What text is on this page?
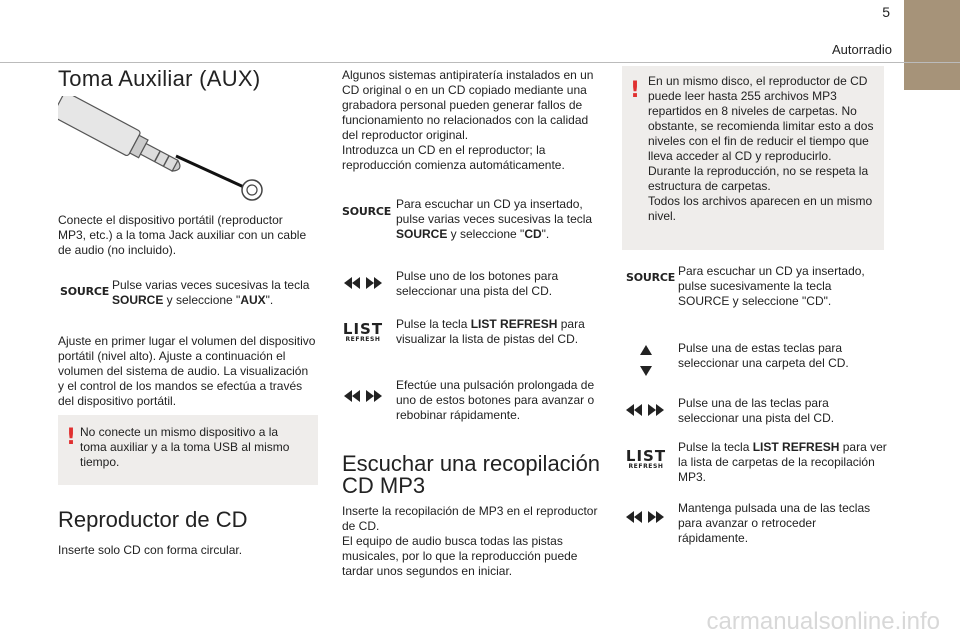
5
Autorradio
Toma Auxiliar (AUX)
Conecte el dispositivo portátil (reproductor MP3, etc.) a la toma Jack auxiliar con un cable de audio (no incluido).
SOURCE Pulse varias veces sucesivas la tecla SOURCE y seleccione "AUX".
Ajuste en primer lugar el volumen del dispositivo portátil (nivel alto). Ajuste a continuación el volumen del sistema de audio. La visualización y el control de los mandos se efectúa a través del dispositivo portátil.
! No conecte un mismo dispositivo a la toma auxiliar y a la toma USB al mismo tiempo.
Reproductor de CD
Inserte solo CD con forma circular.
Algunos sistemas antipiratería instalados en un CD original o en un CD copiado mediante una grabadora personal pueden generar fallos de funcionamiento no relacionados con la calidad del reproductor original.
Introduzca un CD en el reproductor; la reproducción comienza automáticamente.
SOURCE
Para escuchar un CD ya insertado, pulse varias veces sucesivas la tecla SOURCE y seleccione "CD".
Pulse uno de los botones para seleccionar una pista del CD.
LIST
REFRESH
Pulse la tecla LIST REFRESH para visualizar la lista de pistas del CD.
Efectúe una pulsación prolongada de uno de estos botones para avanzar o rebobinar rápidamente.
Escuchar una recopilación CD MP3
Inserte la recopilación de MP3 en el reproductor de CD.
El equipo de audio busca todas las pistas musicales, por lo que la reproducción puede tardar unos segundos en iniciar.
! En un mismo disco, el reproductor de CD puede leer hasta 255 archivos MP3 repartidos en 8 niveles de carpetas. No obstante, se recomienda limitar esto a dos niveles con el fin de reducir el tiempo que lleva acceder al CD y reproducirlo.
Durante la reproducción, no se respeta la estructura de carpetas.
Todos los archivos aparecen en un mismo nivel.
SOURCE Para escuchar un CD ya insertado, pulse sucesivamente la tecla SOURCE y seleccione "CD".
Pulse una de estas teclas para seleccionar una carpeta del CD.
Pulse una de las teclas para seleccionar una pista del CD.
LIST
REFRESH
Pulse la tecla LIST REFRESH para ver la lista de carpetas de la recopilación MP3.
Mantenga pulsada una de las teclas para avanzar o retroceder rápidamente.
carmanualsonline.info
